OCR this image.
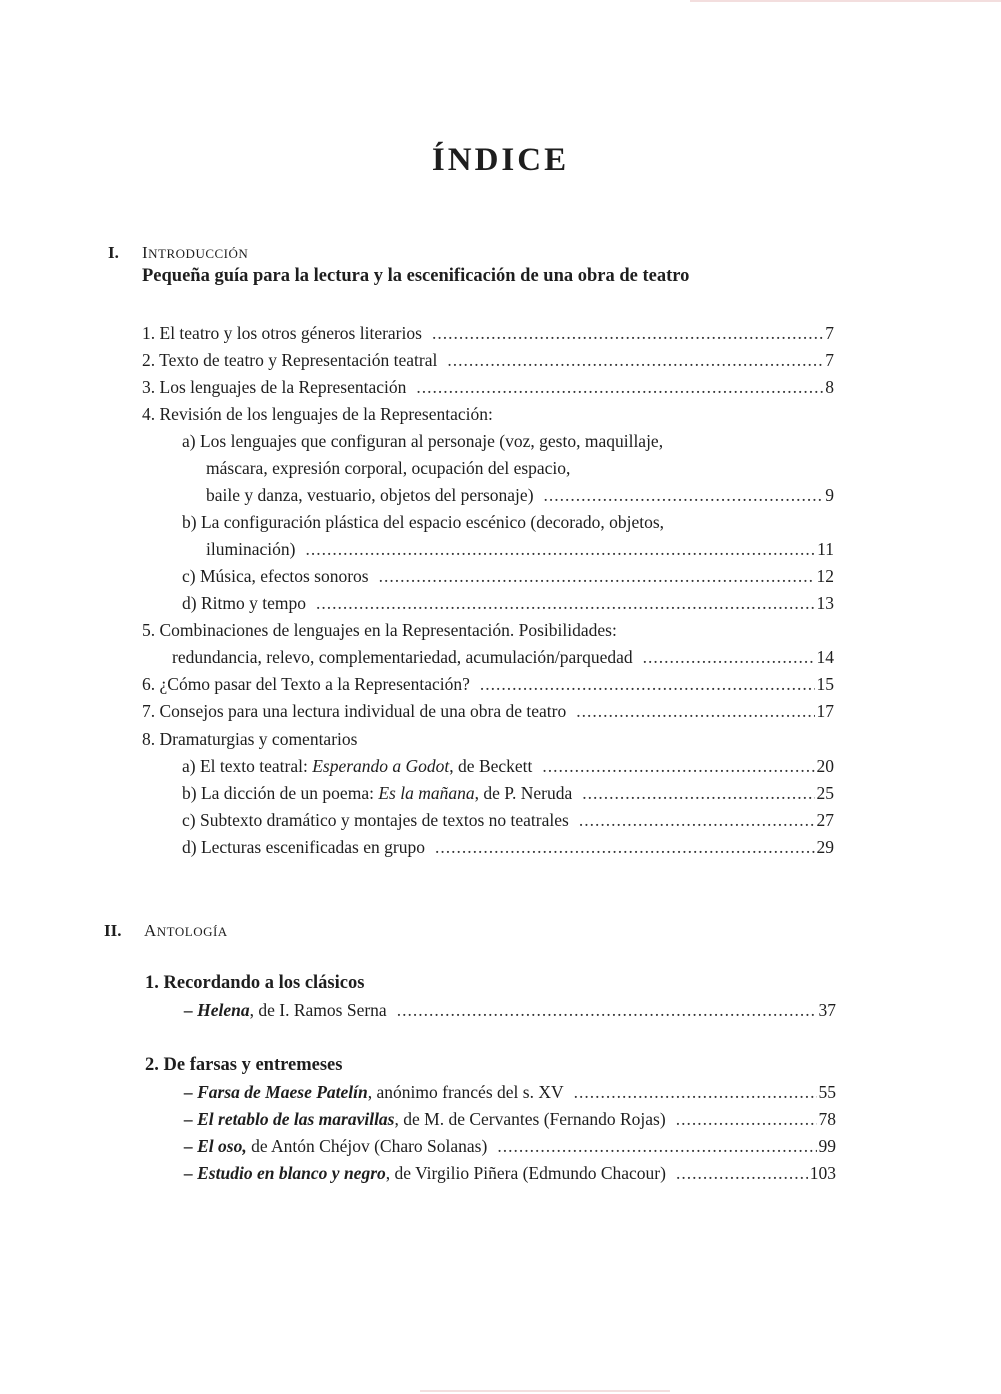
ÍNDICE
I. INTRODUCCIÓN
Pequeña guía para la lectura y la escenificación de una obra de teatro
1. El teatro y los otros géneros literarios .....	7
2. Texto de teatro y Representación teatral .....	7
3. Los lenguajes de la Representación .....	8
4. Revisión de los lenguajes de la Representación:
a) Los lenguajes que configuran al personaje (voz, gesto, maquillaje,
máscara, expresión corporal, ocupación del espacio,
baile y danza, vestuario, objetos del personaje) .....	9
b) La configuración plástica del espacio escénico (decorado, objetos,
iluminación) .....	11
c) Música, efectos sonoros .....	12
d) Ritmo y tempo .....	13
5. Combinaciones de lenguajes en la Representación. Posibilidades:
redundancia, relevo, complementariedad, acumulación/parquedad .....	14
6. ¿Cómo pasar del Texto a la Representación? .....	15
7. Consejos para una lectura individual de una obra de teatro .....	17
8. Dramaturgias y comentarios
a) El texto teatral: Esperando a Godot, de Beckett .....	20
b) La dicción de un poema: Es la mañana, de P. Neruda .....	25
c) Subtexto dramático y montajes de textos no teatrales .....	27
d) Lecturas escenificadas en grupo .....	29
II. ANTOLOGÍA
1. Recordando a los clásicos
– Helena, de I. Ramos Serna .....	37
2. De farsas y entremeses
– Farsa de Maese Patelín, anónimo francés del s. XV .....	55
– El retablo de las maravillas, de M. de Cervantes (Fernando Rojas) .....	78
– El oso, de Antón Chéjov (Charo Solanas) .....	99
– Estudio en blanco y negro, de Virgilio Piñera (Edmundo Chacour) .....	103
